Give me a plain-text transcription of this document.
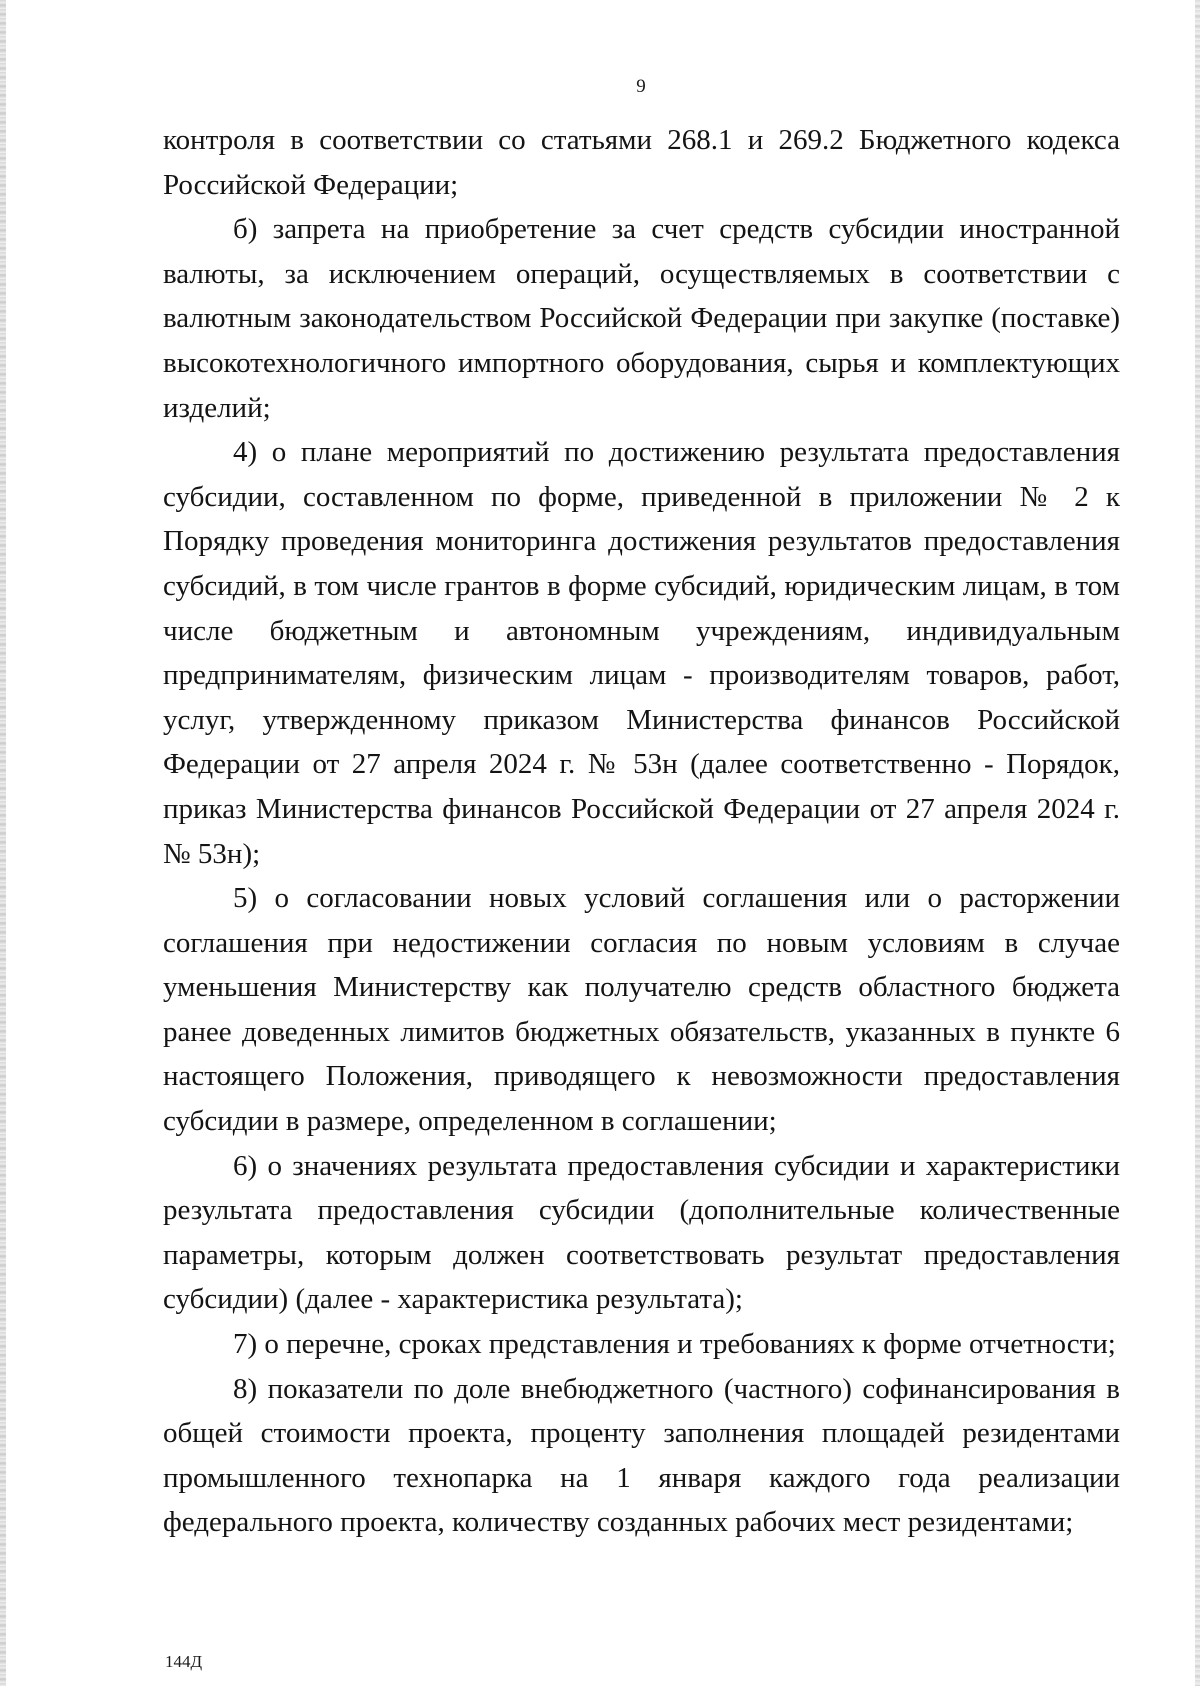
9

контроля в соответствии со статьями 268.1 и 269.2 Бюджетного кодекса Российской Федерации;

б) запрета на приобретение за счет средств субсидии иностранной валюты, за исключением операций, осуществляемых в соответствии с валютным законодательством Российской Федерации при закупке (поставке) высокотехнологичного импортного оборудования, сырья и комплектующих изделий;

4) о плане мероприятий по достижению результата предоставления субсидии, составленном по форме, приведенной в приложении № 2 к Порядку проведения мониторинга достижения результатов предоставления субсидий, в том числе грантов в форме субсидий, юридическим лицам, в том числе бюджетным и автономным учреждениям, индивидуальным предпринимателям, физическим лицам - производителям товаров, работ, услуг, утвержденному приказом Министерства финансов Российской Федерации от 27 апреля 2024 г. № 53н (далее соответственно - Порядок, приказ Министерства финансов Российской Федерации от 27 апреля 2024 г. № 53н);

5) о согласовании новых условий соглашения или о расторжении соглашения при недостижении согласия по новым условиям в случае уменьшения Министерству как получателю средств областного бюджета ранее доведенных лимитов бюджетных обязательств, указанных в пункте 6 настоящего Положения, приводящего к невозможности предоставления субсидии в размере, определенном в соглашении;

6) о значениях результата предоставления субсидии и характеристики результата предоставления субсидии (дополнительные количественные параметры, которым должен соответствовать результат предоставления субсидии) (далее - характеристика результата);

7) о перечне, сроках представления и требованиях к форме отчетности;

8) показатели по доле внебюджетного (частного) софинансирования в общей стоимости проекта, проценту заполнения площадей резидентами промышленного технопарка на 1 января каждого года реализации федерального проекта, количеству созданных рабочих мест резидентами;

144Д
